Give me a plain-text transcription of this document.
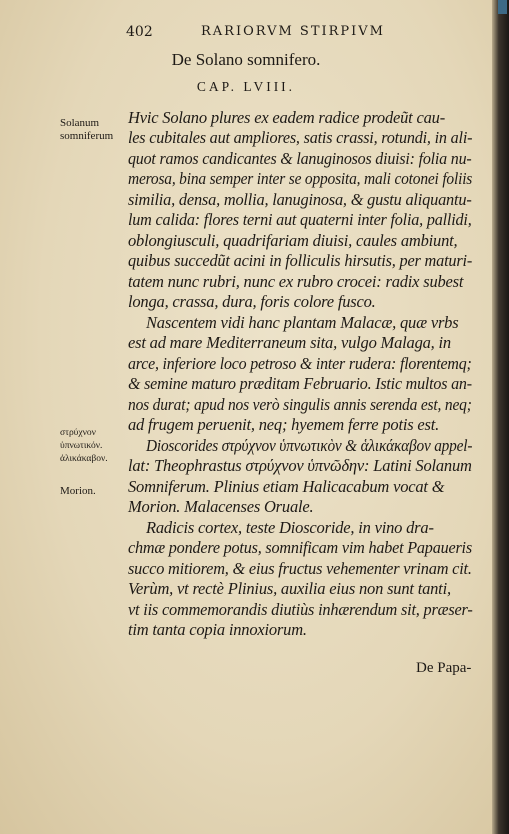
402	RARIORVM STIRPIVM
De Solano somnifero.
CAP. LVIII.
Solanum somniferum
στρύχνον ὑπνωτικόν. ἁλικάκαβον.
Morion.
Hvic Solano plures ex eadem radice prodeũt cau-
les cubitales aut ampliores, satis crassi, rotundi, in ali-
quot ramos candicantes & lanuginosos diuisi: folia nu-
merosa, bina semper inter se opposita, mali cotonei foliis
similia, densa, mollia, lanuginosa, & gustu aliquantu-
lum calida: flores terni aut quaterni inter folia, pallidi,
oblongiusculi, quadrifariam diuisi, caules ambiunt,
quibus succedũt acini in folliculis hirsutis, per maturi-
tatem nunc rubri, nunc ex rubro crocei: radix subest
longa, crassa, dura, foris colore fusco.
Nascentem vidi hanc plantam Malacæ, quæ vrbs
est ad mare Mediterraneum sita, vulgo Malaga, in
arce, inferiore loco petroso & inter rudera: florentemq;
& semine maturo præditam Februario. Istic multos an-
nos durat; apud nos verò singulis annis serenda est, neq;
ad frugem peruenit, neq; hyemem ferre potis est.
Dioscorides στρύχνον ὑπνωτικὸν & ἁλικάκαβον appel-
lat: Theophrastus στρύχνον ὑπνῶδην: Latini Solanum
Somniferum. Plinius etiam Halicacabum vocat &
Morion. Malacenses Oruale.
Radicis cortex, teste Dioscoride, in vino dra-
chmæ pondere potus, somnificam vim habet Papaueris
succo mitiorem, & eius fructus vehementer vrinam cit.
Verùm, vt rectè Plinius, auxilia eius non sunt tanti,
vt iis commemorandis diutiùs inhærendum sit, præser-
tim tanta copia innoxiorum.
De Papa-
